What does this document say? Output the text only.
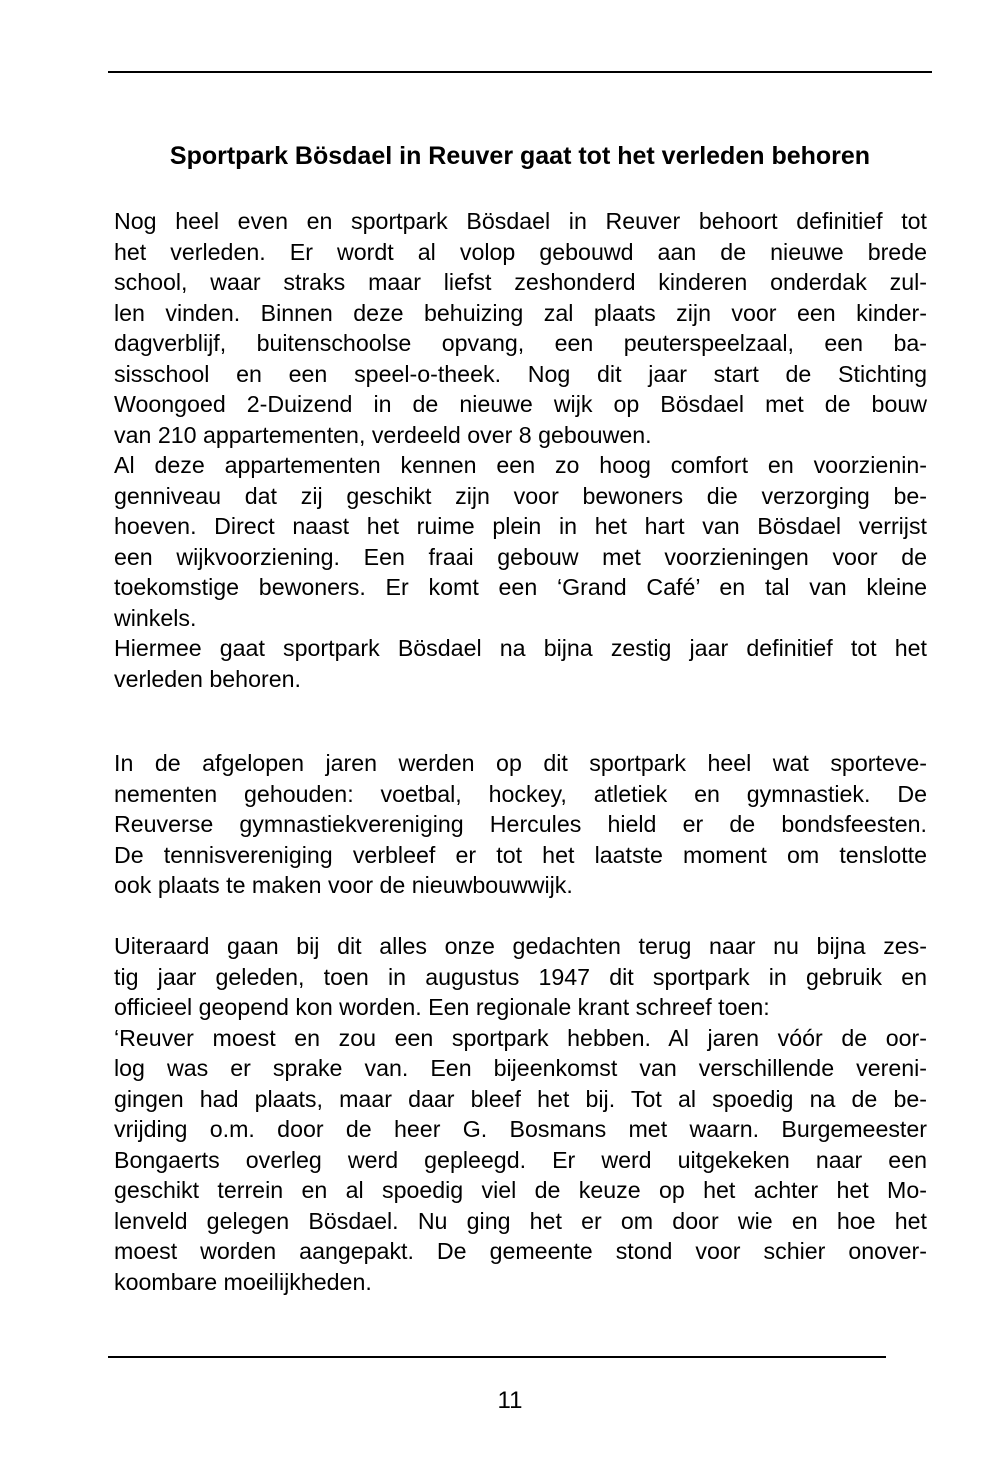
Sportpark Bösdael in Reuver gaat tot het verleden behoren
Nog heel even en sportpark Bösdael in Reuver behoort definitief tot
het verleden. Er wordt al volop gebouwd aan de nieuwe brede
school, waar straks maar liefst zeshonderd kinderen onderdak zul-
len vinden. Binnen deze behuizing zal plaats zijn voor een kinder-
dagverblijf, buitenschoolse opvang, een peuterspeelzaal, een ba-
sisschool en een speel-o-theek. Nog dit jaar start de Stichting
Woongoed 2-Duizend in de nieuwe wijk op Bösdael met de bouw
van 210 appartementen, verdeeld over 8 gebouwen.
Al deze appartementen kennen een zo hoog comfort en voorzienin-
genniveau dat zij geschikt zijn voor bewoners die verzorging be-
hoeven. Direct naast het ruime plein in het hart van Bösdael verrijst
een wijkvoorziening. Een fraai gebouw met voorzieningen voor de
toekomstige bewoners. Er komt een ‘Grand Café’ en tal van kleine
winkels.
Hiermee gaat sportpark Bösdael na bijna zestig jaar definitief tot het
verleden behoren.
In de afgelopen jaren werden op dit sportpark heel wat sporteve-
nementen gehouden: voetbal, hockey, atletiek en gymnastiek. De
Reuverse gymnastiekvereniging Hercules hield er de bondsfeesten.
De tennisvereniging verbleef er tot het laatste moment om tenslotte
ook plaats te maken voor de nieuwbouwwijk.
Uiteraard gaan bij dit alles onze gedachten terug naar nu bijna zes-
tig jaar geleden, toen in augustus 1947 dit sportpark in gebruik en
officieel geopend kon worden. Een regionale krant schreef toen:
‘Reuver moest en zou een sportpark hebben. Al jaren vóór de oor-
log was er sprake van. Een bijeenkomst van verschillende vereni-
gingen had plaats, maar daar bleef het bij. Tot al spoedig na de be-
vrijding o.m. door de heer G. Bosmans met waarn. Burgemeester
Bongaerts overleg werd gepleegd. Er werd uitgekeken naar een
geschikt terrein en al spoedig viel de keuze op het achter het Mo-
lenveld gelegen Bösdael. Nu ging het er om door wie en hoe het
moest worden aangepakt. De gemeente stond voor schier onover-
koombare moeilijkheden.
11
